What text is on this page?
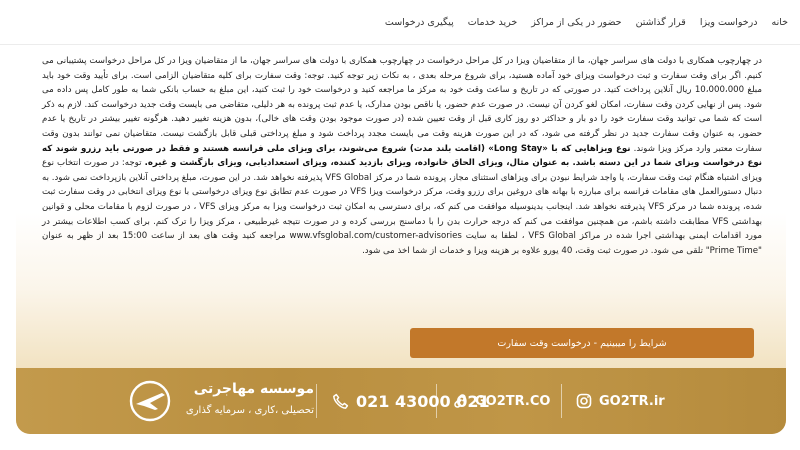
خانه
درخواست ویزا
قرار گذاشتن
حضور در یکی از مراکز
خرید خدمات
پیگیری درخواست
در چهارچوب همکاری با دولت های سراسر جهان، ما از متقاضیان ویزا در کل مراحل درخواست در چهارچوب همکاری با دولت های سراسر جهان، ما از متقاضیان ویزا در کل مراحل درخواست پشتیبانی می کنیم. اگر برای وقت سفارت و ثبت درخواست ویزای خود آماده هستید، برای شروع مرحله بعدی ، به نکات زیر توجه کنید. توجه: وقت سفارت برای کلیه متقاضیان الزامی است. برای تأیید وقت خود باید مبلغ 10،000،000 ریال آنلاین پرداخت کنید. در صورتی که در تاریخ و ساعت وقت خود به مرکز ما مراجعه کنید و درخواست خود را ثبت کنید، این مبلغ به حساب بانکی شما به طور کامل پس داده می شود. پس از نهایی کردن وقت سفارت، امکان لغو کردن آن نیست. در صورت عدم حضور، یا ناقص بودن مدارک، یا عدم ثبت پرونده به هر دلیلی، متقاضی می بایست وقت جدید درخواست کند. لازم به ذکر است که شما می توانید وقت سفارت خود را دو بار و حداکثر دو روز کاری قبل از وقت تعیین شده (در صورت موجود بودن وقت های خالی)، بدون هزینه تغییر دهید. هرگونه تغییر بیشتر در تاریخ یا عدم حضور، به عنوان وقت سفارت جدید در نظر گرفته می شود، که در این صورت هزینه وقت می بایست مجدد پرداخت شود و مبلغ پرداختی قبلی قابل بازگشت نیست. متقاضیان نمی توانند بدون وقت سفارت معتبر وارد مرکز ویزا شوند. نوع ویزاهایی که با «Long Stay» (اقامت بلند مدت) شروع می‌شوند، برای ویزای ملی فرانسه هستند و فقط در صورتی باید رزرو شوند که نوع درخواست ویزای شما در این دسته باشد. به عنوان مثال، ویزای الحاق خانواده، ویزای بازدید کننده، ویزای استعدادیابی، ویزای بازگشت و غیره. توجه: در صورت انتخاب نوع ویزای اشتباه هنگام ثبت وقت سفارت، یا واجد شرایط نبودن برای ویزاهای استثنای مجاز، پرونده شما در مرکز VFS Global پذیرفته نخواهد شد. در این صورت، مبلغ پرداختی آنلاین بازپرداخت نمی شود. به دنبال دستورالعمل های مقامات فرانسه برای مبارزه با بهانه های دروغین برای رزرو وقت، مرکز درخواست ویزا VFS در صورت عدم تطابق نوع ویزای درخواستی با نوع ویزای انتخابی در وقت سفارت ثبت شده، پرونده شما در مرکز VFS پذیرفته نخواهد شد. اینجانب بدینوسیله موافقت می کنم که، برای دسترسی به امکان ثبت درخواست ویزا به مرکز ویزای VFS ، در صورت لزوم با مقامات محلی و قوانین بهداشتی VFS مطابقت داشته باشم، من همچنین موافقت می کنم که درجه حرارت بدن را با دماسنج بررسی کرده و در صورت نتیجه غیرطبیعی ، مرکز ویزا را ترک کنم. برای کسب اطلاعات بیشتر در مورد اقدامات ایمنی بهداشتی اجرا شده در مراکز VFS Global ، لطفا به سایت www.vfsglobal.com/customer-advisories مراجعه کنید وقت های بعد از ساعت 15:00 بعد از ظهر به عنوان "Prime Time" تلقی می شود. در صورت ثبت وقت، 40 یورو علاوه بر هزینه ویزا و خدمات از شما اخذ می شود.
شرایط را میبینیم - درخواست وقت سفارت
GO2TR.ir
GO2TR.CO
021 43000 021
موسسه مهاجرتی
تحصیلی ،کاری ، سرمایه گذاری
